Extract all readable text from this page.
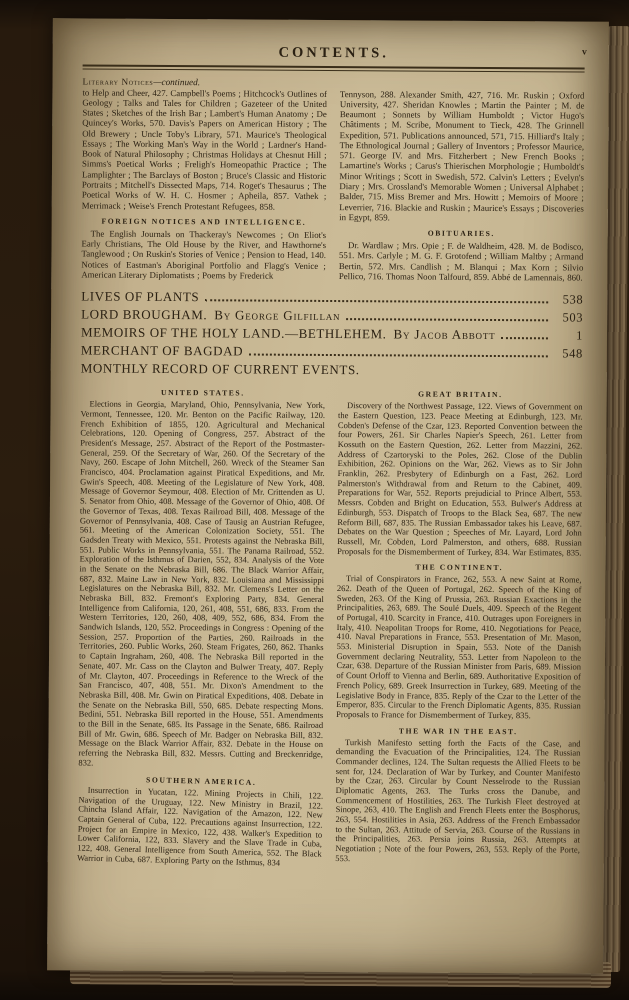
CONTENTS.	v
Literary Notices—continued.
to Help and Cheer, 427. Campbell's Poems ; Hitchcock's Outlines of Geology ; Talks and Tales for Children ; Gazeteer of the United States ; Sketches of the Irish Bar ; Lambert's Human Anatomy ; De Quincey's Works, 570. Davis's Papers on American History ; The Old Brewery ; Uncle Toby's Library, 571. Maurice's Theological Essays ; The Working Man's Way in the World ; Lardner's Hand-Book of Natural Philosophy ; Christmas Holidays at Chesnut Hill ; Simms's Poetical Works ; Freligh's Homeopathic Practice ; The Lamplighter ; The Barclays of Boston ; Bruce's Classic and Historic Portraits ; Mitchell's Dissected Maps, 714. Roget's Thesaurus ; The Poetical Works of W. H. C. Hosmer ; Apheila, 857. Vathek ; Merrimack ; Weise's French Protestant Refugees, 858.
FOREIGN NOTICES AND INTELLIGENCE.
The English Journals on Thackeray's Newcomes ; On Eliot's Early Christians, The Old House by the River, and Hawthorne's Tanglewood ; On Ruskin's Stories of Venice ; Pension to Head, 140. Notices of Eastman's Aboriginal Portfolio and Flagg's Venice ; American Literary Diplomatists ; Poems by Frederick
Tennyson, 288. Alexander Smith, 427, 716. Mr. Ruskin ; Oxford University, 427. Sheridan Knowles ; Martin the Painter ; M. de Beaumont ; Sonnets by William Humboldt ; Victor Hugo's Châtiments ; M. Scribe, Monument to Tieck, 428. The Grinnell Expedition, 571. Publications announced, 571, 715. Hilliard's Italy ; The Ethnological Journal ; Gallery of Inventors ; Professor Maurice, 571. George IV. and Mrs. Fitzherbert ; New French Books ; Lamartine's Works ; Carus's Thierischen Morphologie ; Humboldt's Minor Writings ; Scott in Swedish, 572. Calvin's Letters ; Evelyn's Diary ; Mrs. Crossland's Memorable Women ; Universal Alphabet ; Balder, 715. Miss Bremer and Mrs. Howitt ; Memoirs of Moore ; Leverrier, 716. Blackie and Ruskin ; Maurice's Essays ; Discoveries in Egypt, 859.
OBITUARIES.
Dr. Wardlaw ; Mrs. Opie ; F. de Waldheim, 428. M. de Bodisco, 551. Mrs. Carlyle ; M. G. F. Grotofend ; William Maltby ; Armand Bertin, 572. Mrs. Candlish ; M. Blanqui ; Max Korn ; Silvio Pellico, 716. Thomas Noon Talfourd, 859. Abbé de Lamennais, 860.
LIVES OF PLANTS	538
LORD BROUGHAM. By George Gilfillan	503
MEMOIRS OF THE HOLY LAND.—BETHLEHEM. By Jacob Abbott	1
MERCHANT OF BAGDAD	548
MONTHLY RECORD OF CURRENT EVENTS.
UNITED STATES.
Elections in Georgia, Maryland, Ohio, Pennsylvania, New York, Vermont, Tennessee, 120. Mr. Benton on the Pacific Railway, 120. French Exhibition of 1855, 120. Agricultural and Mechanical Celebrations, 120. Opening of Congress, 257. Abstract of the President's Message, 257. Abstract of the Report of the Postmaster-General, 259. Of the Secretary of War, 260. Of the Secretary of the Navy, 260. Escape of John Mitchell, 260. Wreck of the Steamer San Francisco, 404. Proclamation against Piratical Expeditions, and Mr. Gwin's Speech, 408. Meeting of the Legislature of New York, 408. Message of Governor Seymour, 408. Election of Mr. Crittenden as U. S. Senator from Ohio, 408. Message of the Governor of Ohio, 408. Of the Governor of Texas, 408. Texas Railroad Bill, 408. Message of the Governor of Pennsylvania, 408. Case of Tausig an Austrian Refugee, 561. Meeting of the American Colonization Society, 551. The Gadsden Treaty with Mexico, 551. Protests against the Nebraska Bill, 551. Public Works in Pennsylvania, 551. The Panama Railroad, 552. Exploration of the Isthmus of Darien, 552, 834. Analysis of the Vote in the Senate on the Nebraska Bill, 686. The Black Warrior Affair, 687, 832. Maine Law in New York, 832. Louisiana and Mississippi Legislatures on the Nebraska Bill, 832. Mr. Clemens's Letter on the Nebraska Bill, 832. Fremont's Exploring Party, 834. General Intelligence from California, 120, 261, 408, 551, 686, 833. From the Western Territories, 120, 260, 408, 409, 552, 686, 834. From the Sandwich Islands, 120, 552. Proceedings in Congress : Opening of the Session, 257. Proportion of the Parties, 260. Railroads in the Territories, 260. Public Works, 260. Steam Frigates, 260, 862. Thanks to Captain Ingraham, 260, 408. The Nebraska Bill reported in the Senate, 407. Mr. Cass on the Clayton and Bulwer Treaty, 407. Reply of Mr. Clayton, 407. Proceedings in Reference to the Wreck of the San Francisco, 407, 408, 551. Mr. Dixon's Amendment to the Nebraska Bill, 408. Mr. Gwin on Piratical Expeditions, 408. Debate in the Senate on the Nebraska Bill, 550, 685. Debate respecting Mons. Bedini, 551. Nebraska Bill reported in the House, 551. Amendments to the Bill in the Senate, 685. Its Passage in the Senate, 686. Railroad Bill of Mr. Gwin, 686. Speech of Mr. Badger on Nebraska Bill, 832. Message on the Black Warrior Affair, 832. Debate in the House on referring the Nebraska Bill, 832. Messrs. Cutting and Breckenridge, 832.
SOUTHERN AMERICA.
Insurrection in Yucatan, 122. Mining Projects in Chili, 122. Navigation of the Uruguay, 122. New Ministry in Brazil, 122. Chincha Island Affair, 122. Navigation of the Amazon, 122. New Captain General of Cuba, 122. Precautions against Insurrection, 122. Project for an Empire in Mexico, 122, 438. Walker's Expedition to Lower California, 122, 833. Slavery and the Slave Trade in Cuba, 122, 408. General Intelligence from South America, 552. The Black Warrior in Cuba, 687. Exploring Party on the Isthmus, 834
GREAT BRITAIN.
Discovery of the Northwest Passage, 122. Views of Government on the Eastern Question, 123. Peace Meeting at Edinburgh, 123. Mr. Cobden's Defense of the Czar, 123. Reported Convention between the four Powers, 261. Sir Charles Napier's Speech, 261. Letter from Kossuth on the Eastern Question, 262. Letter from Mazzini, 262. Address of Czartoryski to the Poles, 262. Close of the Dublin Exhibition, 262. Opinions on the War, 262. Views as to Sir John Franklin, 262. Presbytery of Edinburgh on a Fast, 262. Lord Palmerston's Withdrawal from and Return to the Cabinet, 409. Preparations for War, 552. Reports prejudicial to Prince Albert, 553. Messrs. Cobden and Bright on Education, 553. Bulwer's Address at Edinburgh, 553. Dispatch of Troops to the Black Sea, 687. The new Reform Bill, 687, 835. The Russian Embassador takes his Leave, 687. Debates on the War Question ; Speeches of Mr. Layard, Lord John Russell, Mr. Cobden, Lord Palmerston, and others, 688. Russian Proposals for the Dismemberment of Turkey, 834. War Estimates, 835.
THE CONTINENT.
Trial of Conspirators in France, 262, 553. A new Saint at Rome, 262. Death of the Queen of Portugal, 262. Speech of the King of Sweden, 263. Of the King of Prussia, 263. Russian Exactions in the Principalities, 263, 689. The Soulé Duels, 409. Speech of the Regent of Portugal, 410. Scarcity in France, 410. Outrages upon Foreigners in Italy, 410. Neapolitan Troops for Rome, 410. Negotiations for Peace, 410. Naval Preparations in France, 553. Presentation of Mr. Mason, 553. Ministerial Disruption in Spain, 553. Note of the Danish Government declaring Neutrality, 553. Letter from Napoleon to the Czar, 638. Departure of the Russian Minister from Paris, 689. Mission of Count Orloff to Vienna and Berlin, 689. Authoritative Exposition of French Policy, 689. Greek Insurrection in Turkey, 689. Meeting of the Legislative Body in France, 835. Reply of the Czar to the Letter of the Emperor, 835. Circular to the French Diplomatic Agents, 835. Russian Proposals to France for Dismemberment of Turkey, 835.
THE WAR IN THE EAST.
Turkish Manifesto setting forth the Facts of the Case, and demanding the Evacuation of the Principalities, 124. The Russian Commander declines, 124. The Sultan requests the Allied Fleets to be sent for, 124. Declaration of War by Turkey, and Counter Manifesto by the Czar, 263. Circular by Count Nesselrode to the Russian Diplomatic Agents, 263. The Turks cross the Danube, and Commencement of Hostilities, 263. The Turkish Fleet destroyed at Sinope, 263, 410. The English and French Fleets enter the Bosphorus, 263, 554. Hostilities in Asia, 263. Address of the French Embassador to the Sultan, 263. Attitude of Servia, 263. Course of the Russians in the Principalities, 263. Persia joins Russia, 263. Attempts at Negotiation ; Note of the four Powers, 263, 553. Reply of the Porte, 553.
